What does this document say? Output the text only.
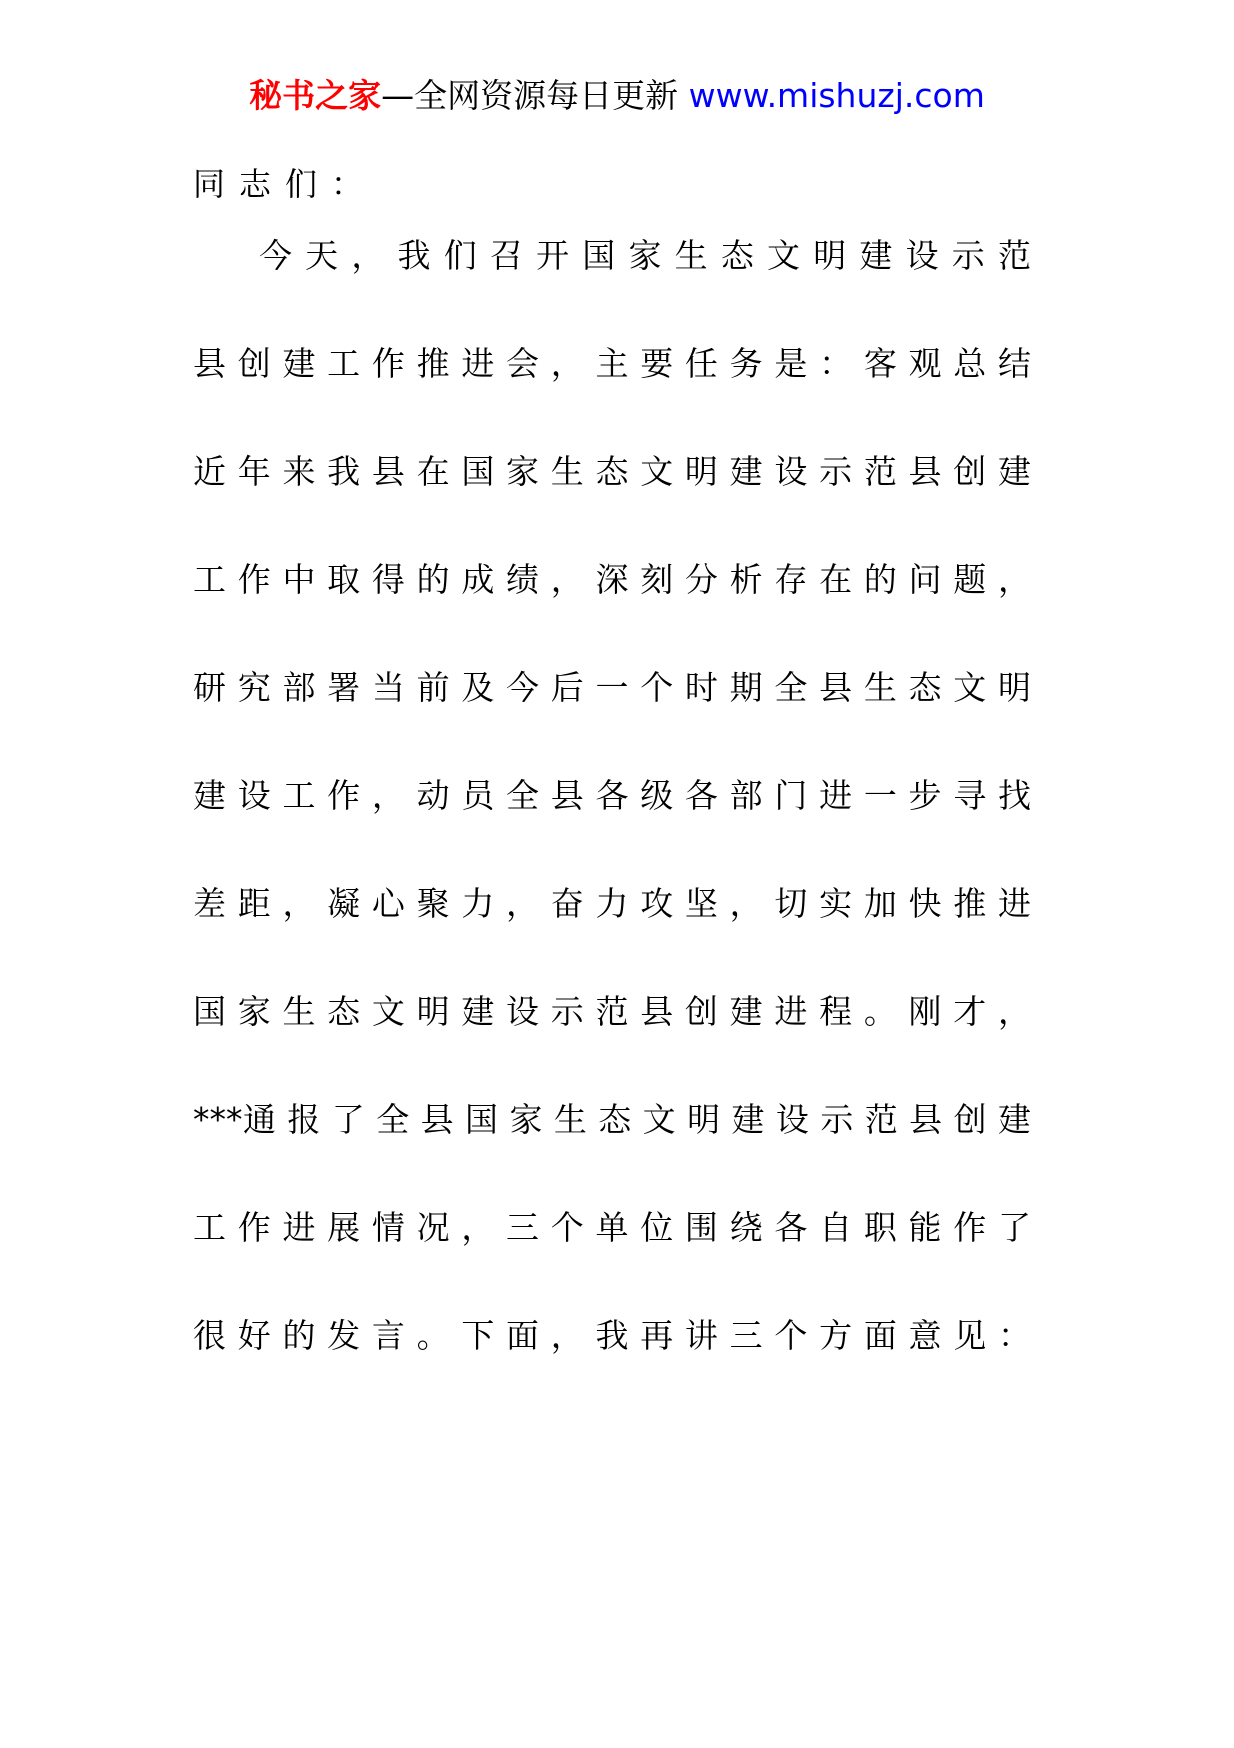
秘书之家—全网资源每日更新 www.mishuzj.com
同志们：
今 天 ， 我 们 召 开 国 家 生 态 文 明 建 设 示 范
县 创 建 工 作 推 进 会 ， 主 要 任 务 是 ： 客 观 总 结
近 年 来 我 县 在 国 家 生 态 文 明 建 设 示 范 县 创 建
工 作 中 取 得 的 成 绩 ， 深 刻 分 析 存 在 的 问 题 ，
研 究 部 署 当 前 及 今 后 一 个 时 期 全 县 生 态 文 明
建 设 工 作 ， 动 员 全 县 各 级 各 部 门 进 一 步 寻 找
差 距 ， 凝 心 聚 力 ， 奋 力 攻 坚 ， 切 实 加 快 推 进
国 家 生 态 文 明 建 设 示 范 县 创 建 进 程 。 刚 才 ，
***通 报 了 全 县 国 家 生 态 文 明 建 设 示 范 县 创 建
工 作 进 展 情 况 ， 三 个 单 位 围 绕 各 自 职 能 作 了
很 好 的 发 言 。 下 面 ， 我 再 讲 三 个 方 面 意 见 ：
